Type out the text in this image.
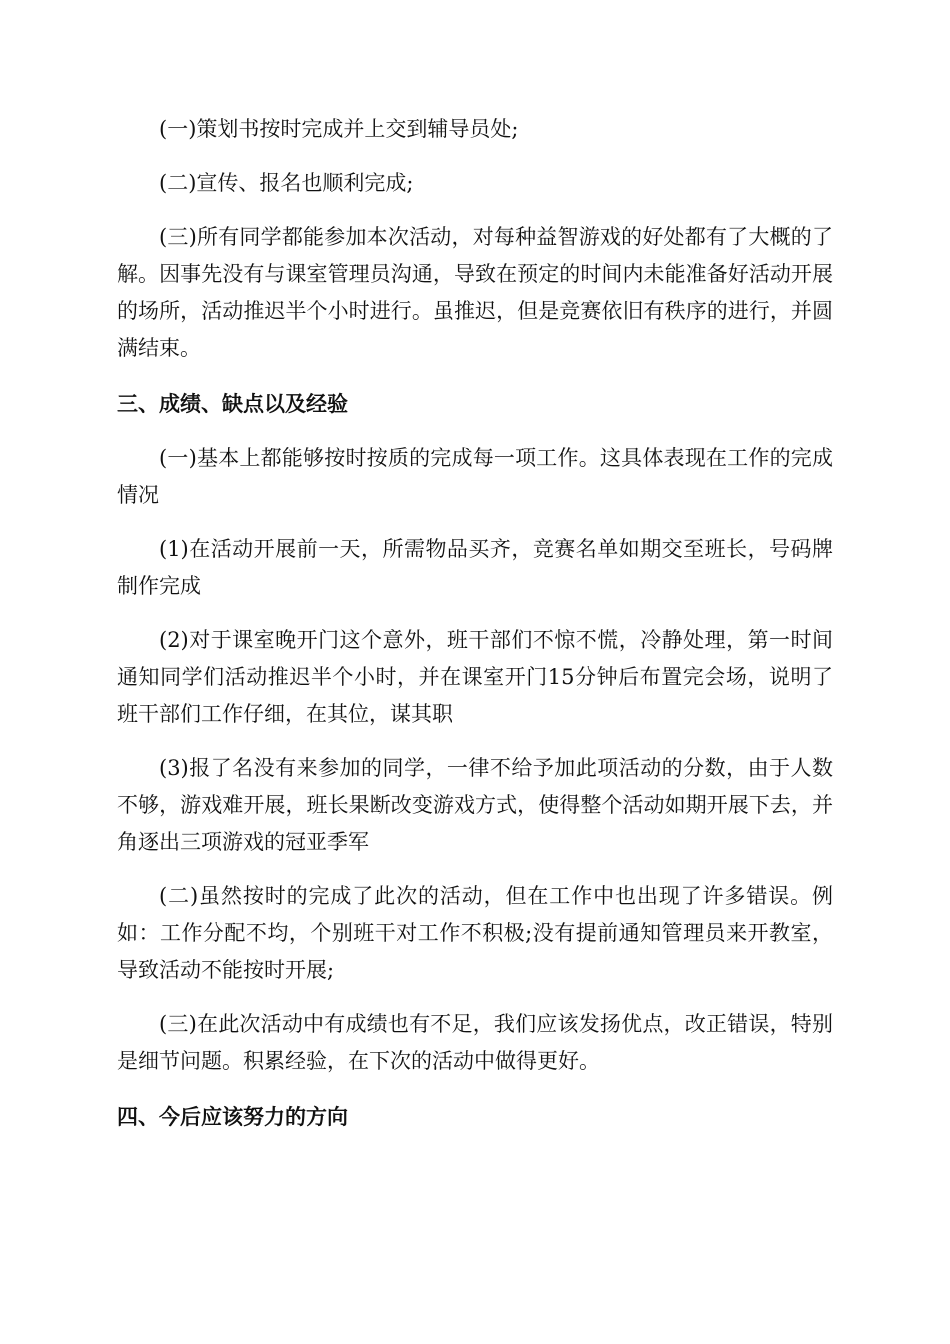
(一)策划书按时完成并上交到辅导员处;

(二)宣传、报名也顺利完成;

(三)所有同学都能参加本次活动，对每种益智游戏的好处都有了大概的了解。因事先没有与课室管理员沟通，导致在预定的时间内未能准备好活动开展的场所，活动推迟半个小时进行。虽推迟，但是竞赛依旧有秩序的进行，并圆满结束。

三、成绩、缺点以及经验

(一)基本上都能够按时按质的完成每一项工作。这具体表现在工作的完成情况

(1)在活动开展前一天，所需物品买齐，竞赛名单如期交至班长，号码牌制作完成

(2)对于课室晚开门这个意外，班干部们不惊不慌，冷静处理，第一时间通知同学们活动推迟半个小时，并在课室开门15分钟后布置完会场，说明了班干部们工作仔细，在其位，谋其职

(3)报了名没有来参加的同学，一律不给予加此项活动的分数，由于人数不够，游戏难开展，班长果断改变游戏方式，使得整个活动如期开展下去，并角逐出三项游戏的冠亚季军

(二)虽然按时的完成了此次的活动，但在工作中也出现了许多错误。例如：工作分配不均，个别班干对工作不积极;没有提前通知管理员来开教室，导致活动不能按时开展;

(三)在此次活动中有成绩也有不足，我们应该发扬优点，改正错误，特别是细节问题。积累经验，在下次的活动中做得更好。

四、今后应该努力的方向
